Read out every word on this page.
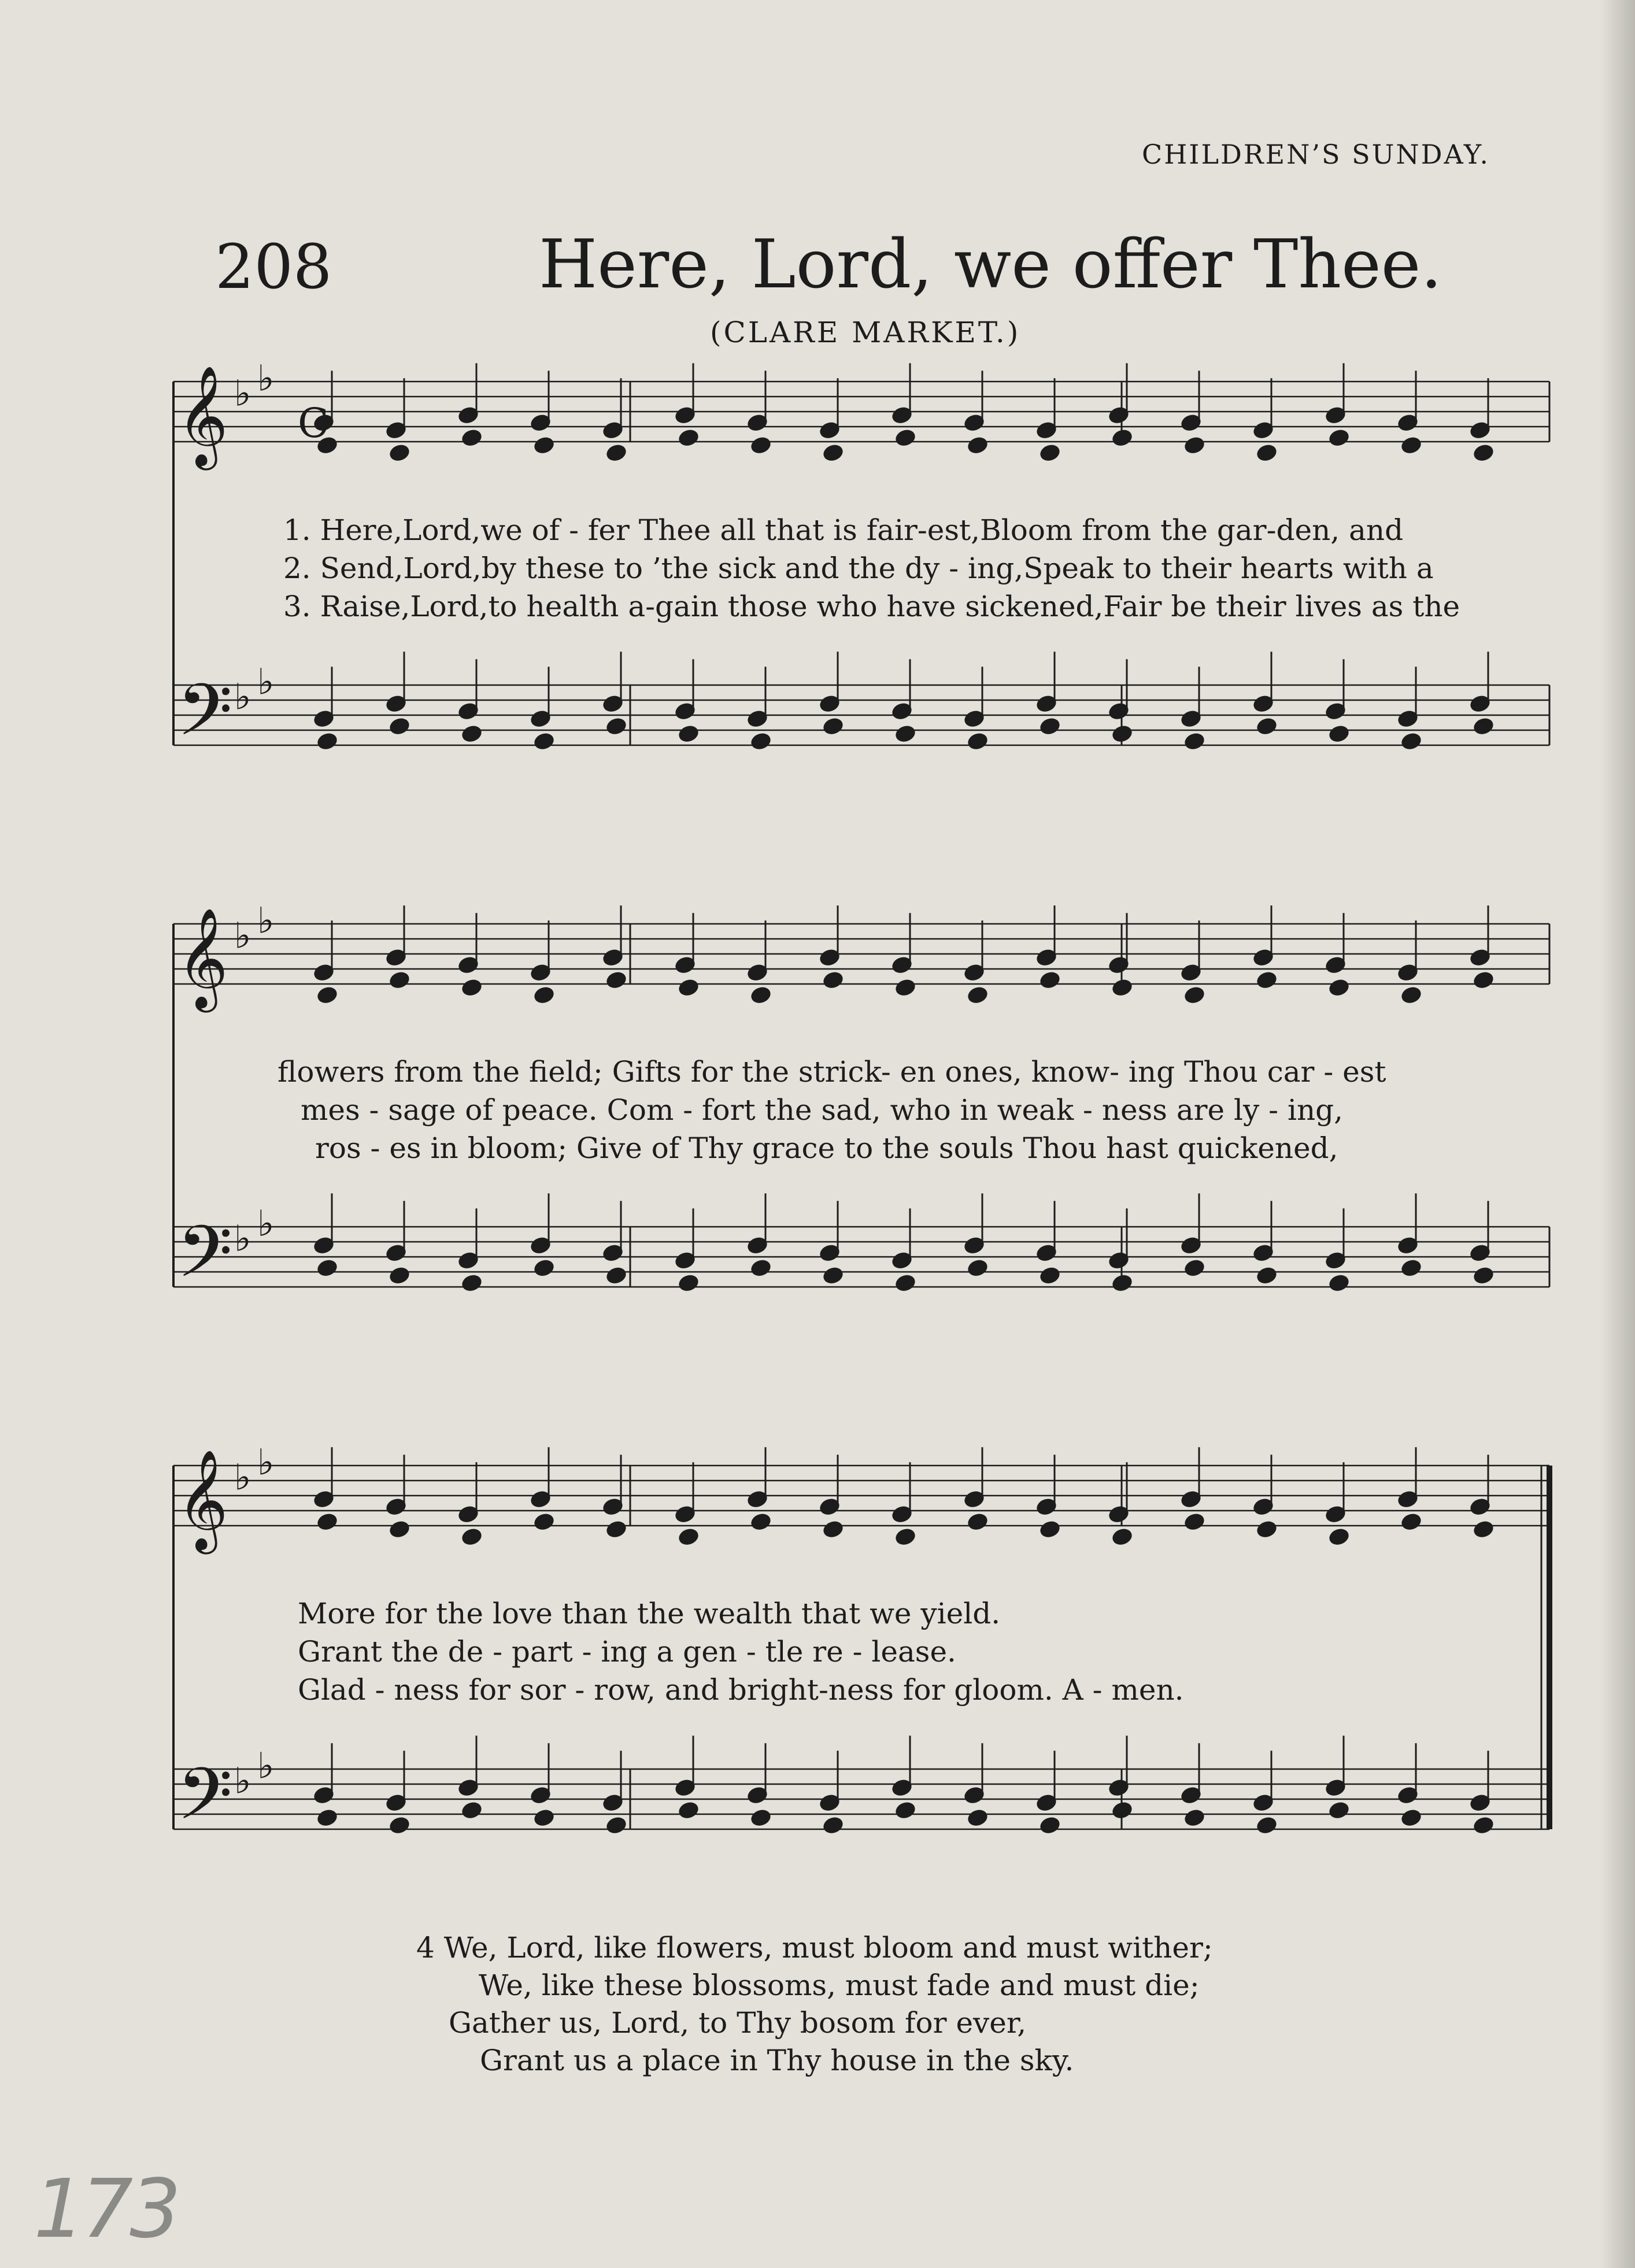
CHILDREN’S SUNDAY.
208	Here, Lord, we offer Thee.
(CLARE MARKET.)
𝄞 ♭ ♭
𝄢 ♭ ♭
C
𝄞 ♭ ♭
𝄢 ♭ ♭
𝄞 ♭ ♭
𝄢 ♭ ♭
1. Here,Lord,we of - fer Thee all that is fair-est,Bloom from the gar-den, and
2. Send,Lord,by these to ’the sick and the dy - ing,Speak to their hearts with a
3. Raise,Lord,to health a-gain those who have sickened,Fair be their lives as the
flowers from the field; Gifts for the strick- en ones, know- ing Thou car - est
mes - sage of peace. Com - fort the sad, who in weak - ness are ly - ing,
ros - es in bloom; Give of Thy grace to the souls Thou hast quickened,
More for the love than the wealth that we yield.
Grant the de - part - ing a gen - tle re - lease.
Glad - ness for sor - row, and bright-ness for gloom. A - men.
4 We, Lord, like flowers, must bloom and must wither;
We, like these blossoms, must fade and must die;
Gather us, Lord, to Thy bosom for ever,
Grant us a place in Thy house in the sky.
173
